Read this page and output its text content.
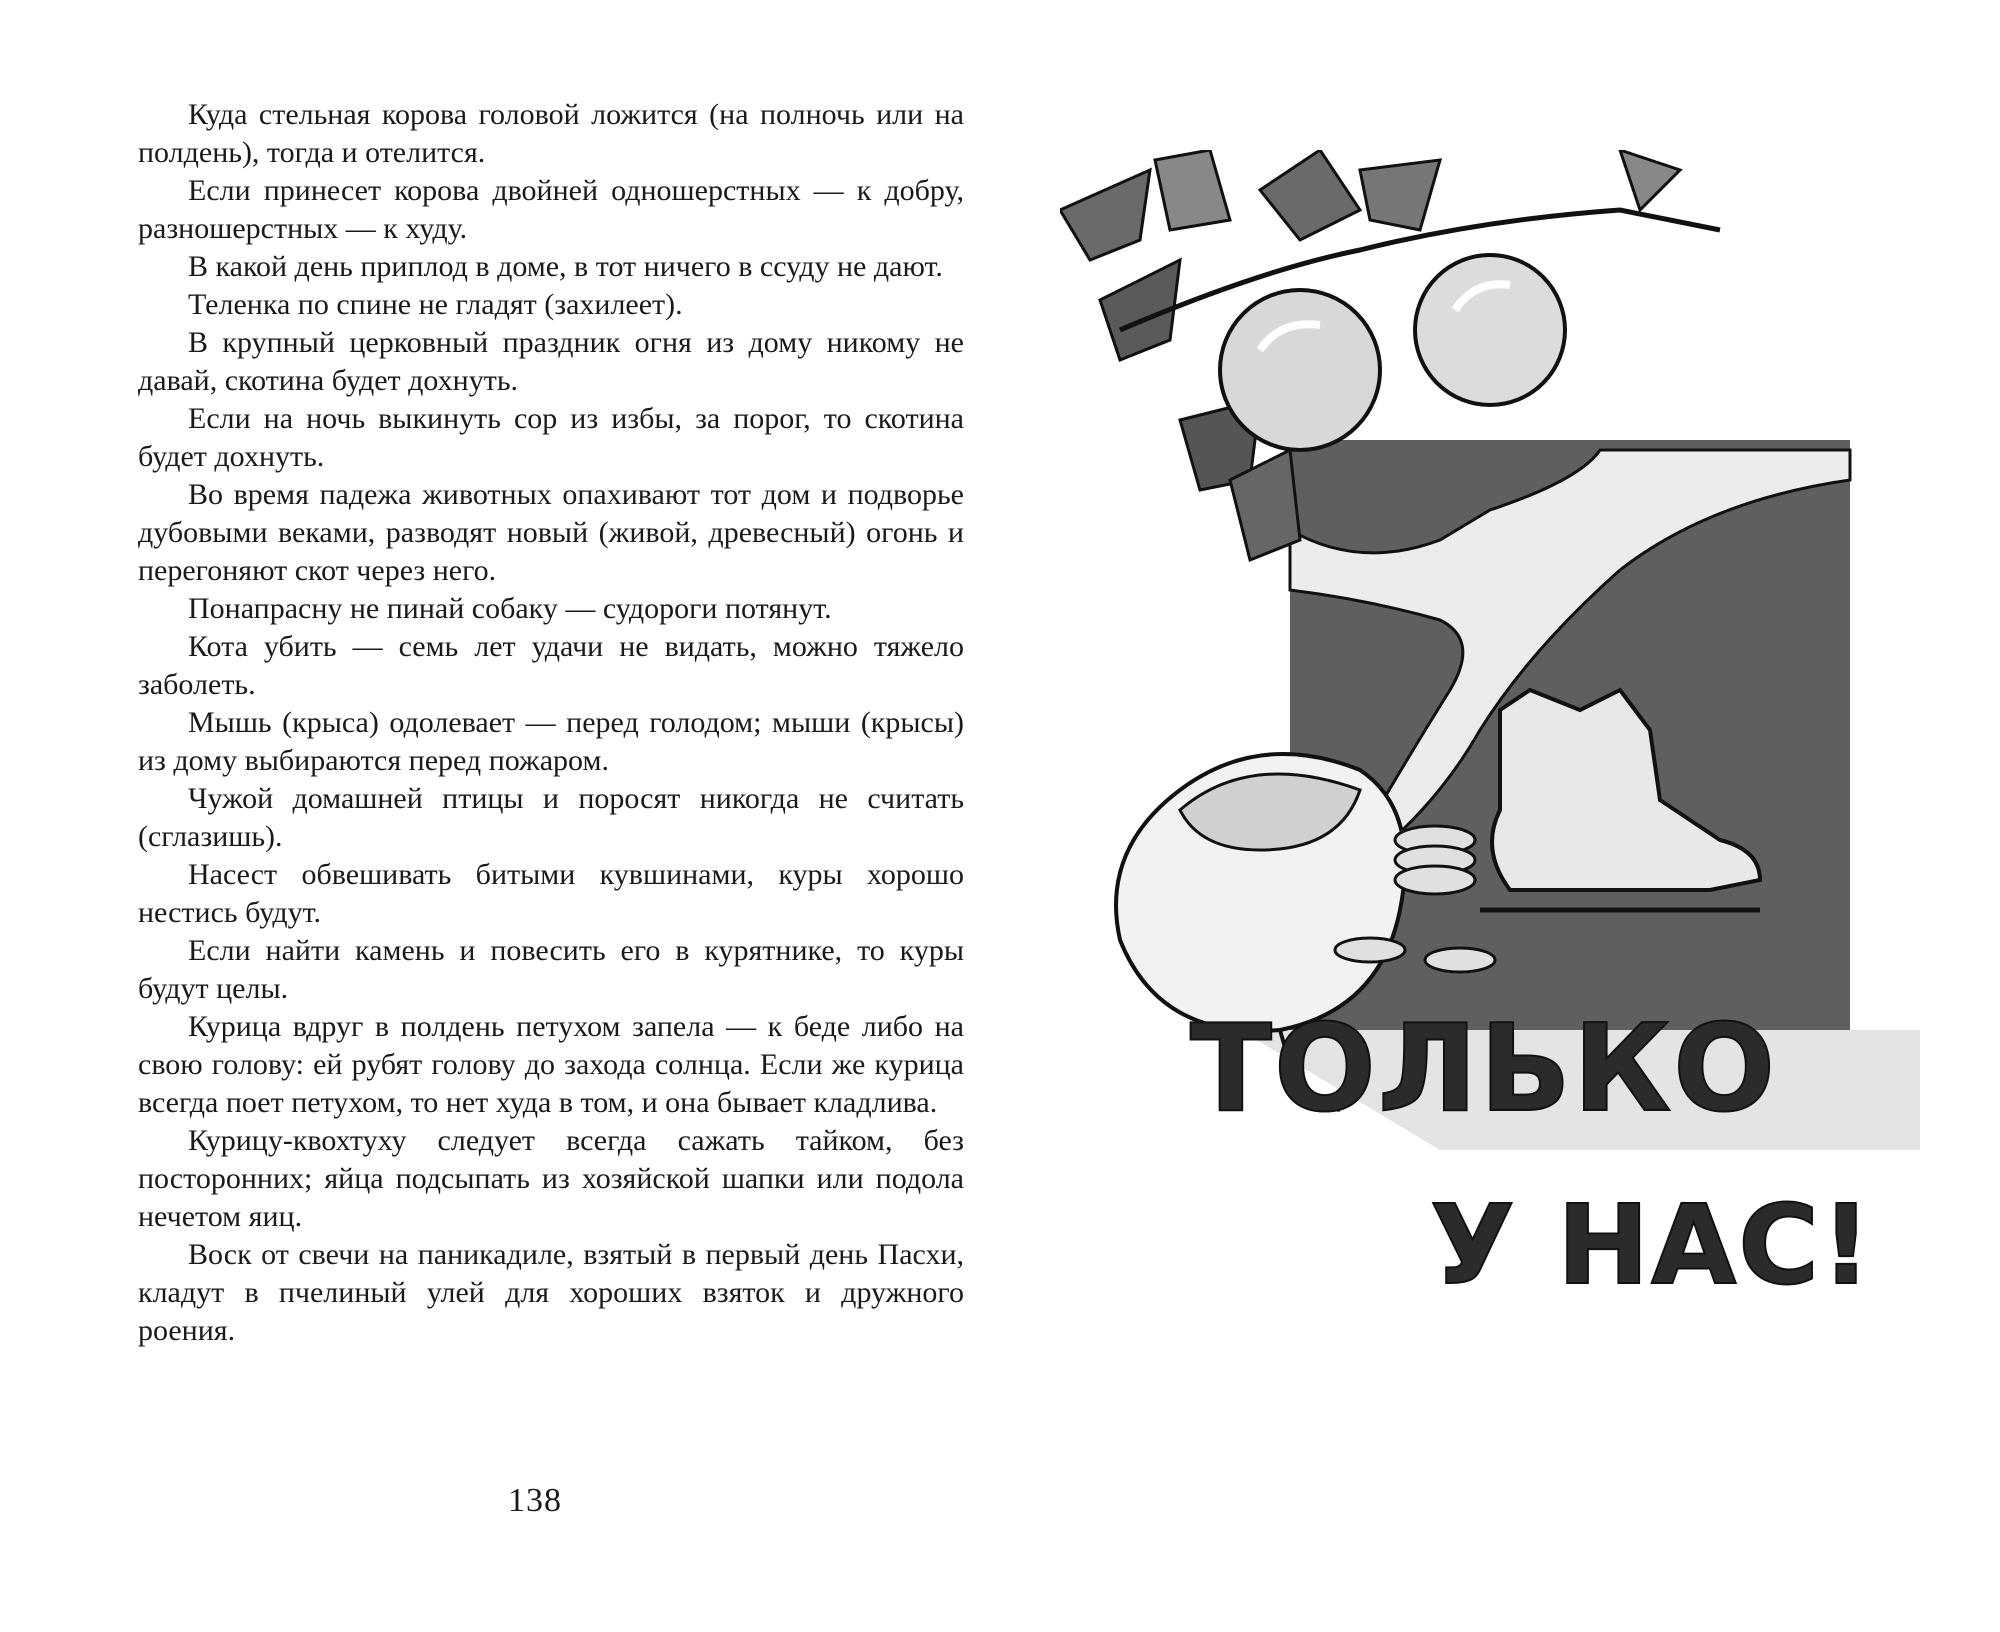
Куда стельная корова головой ложится (на полночь или на полдень), тогда и отелится.

Если принесет корова двойней одношерстных — к добру, разношерстных — к худу.

В какой день приплод в доме, в тот ничего в ссуду не дают.

Теленка по спине не гладят (захилеет).

В крупный церковный праздник огня из дому никому не давай, скотина будет дохнуть.

Если на ночь выкинуть сор из избы, за порог, то скотина будет дохнуть.

Во время падежа животных опахивают тот дом и подворье дубовыми веками, разводят новый (живой, древесный) огонь и перегоняют скот через него.

Понапрасну не пинай собаку — судороги потянут.

Кота убить — семь лет удачи не видать, можно тяжело заболеть.

Мышь (крыса) одолевает — перед голодом; мыши (крысы) из дому выбираются перед пожаром.

Чужой домашней птицы и поросят никогда не считать (сглазишь).

Насест обвешивать битыми кувшинами, куры хорошо нестись будут.

Если найти камень и повесить его в курятнике, то куры будут целы.

Курица вдруг в полдень петухом запела — к беде либо на свою голову: ей рубят голову до захода солнца. Если же курица всегда поет петухом, то нет худа в том, и она бывает кладлива.

Курицу-квохтуху следует всегда сажать тайком, без посторонних; яйца подсыпать из хозяйской шапки или подола нечетом яиц.

Воск от свечи на паникадиле, взятый в первый день Пасхи, кладут в пчелиный улей для хороших взяток и дружного роения.

138

ТОЛЬКО

У НАС!
